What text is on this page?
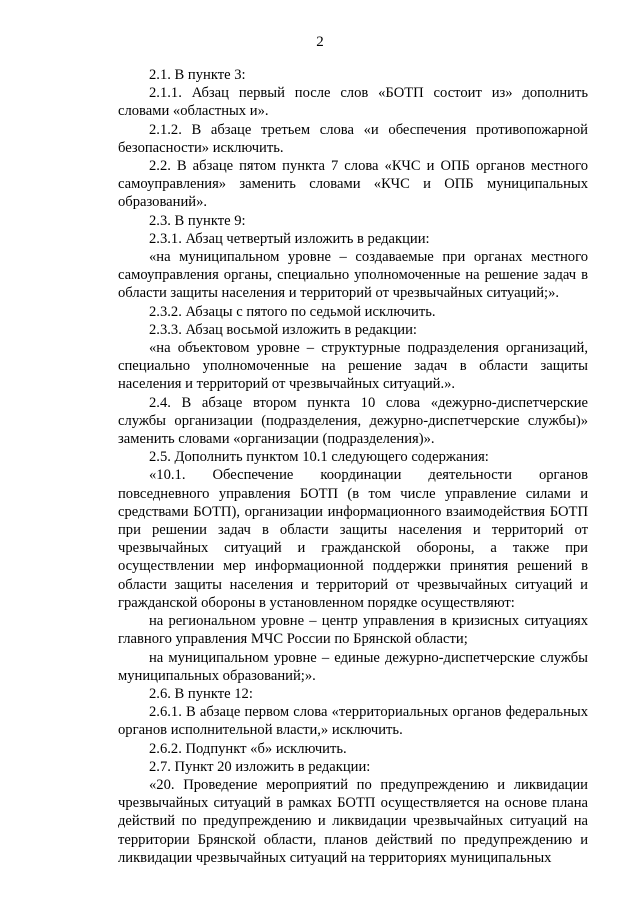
2

2.1. В пункте 3:

2.1.1. Абзац первый после слов «БОТП состоит из» дополнить словами «областных и».

2.1.2. В абзаце третьем слова «и обеспечения противопожарной безопасности» исключить.

2.2. В абзаце пятом пункта 7 слова «КЧС и ОПБ органов местного самоуправления» заменить словами «КЧС и ОПБ муниципальных образований».

2.3. В пункте 9:

2.3.1. Абзац четвертый изложить в редакции:

«на муниципальном уровне – создаваемые при органах местного самоуправления органы, специально уполномоченные на решение задач в области защиты населения и территорий от чрезвычайных ситуаций;».

2.3.2. Абзацы с пятого по седьмой исключить.

2.3.3. Абзац восьмой изложить в редакции:

«на объектовом уровне – структурные подразделения организаций, специально уполномоченные на решение задач в области защиты населения и территорий от чрезвычайных ситуаций.».

2.4. В абзаце втором пункта 10 слова «дежурно-диспетчерские службы организации (подразделения, дежурно-диспетчерские службы)» заменить словами «организации (подразделения)».

2.5. Дополнить пунктом 10.1 следующего содержания:

«10.1. Обеспечение координации деятельности органов повседневного управления БОТП (в том числе управление силами и средствами БОТП), организации информационного взаимодействия БОТП при решении задач в области защиты населения и территорий от чрезвычайных ситуаций и гражданской обороны, а также при осуществлении мер информационной поддержки принятия решений в области защиты населения и территорий от чрезвычайных ситуаций и гражданской обороны в установленном порядке осуществляют:

на региональном уровне – центр управления в кризисных ситуациях главного управления МЧС России по Брянской области;

на муниципальном уровне – единые дежурно-диспетчерские службы муниципальных образований;».

2.6. В пункте 12:

2.6.1. В абзаце первом слова «территориальных органов федеральных органов исполнительной власти,» исключить.

2.6.2. Подпункт «б» исключить.

2.7. Пункт 20 изложить в редакции:

«20. Проведение мероприятий по предупреждению и ликвидации чрезвычайных ситуаций в рамках БОТП осуществляется на основе плана действий по предупреждению и ликвидации чрезвычайных ситуаций на территории Брянской области, планов действий по предупреждению и ликвидации чрезвычайных ситуаций на территориях муниципальных
